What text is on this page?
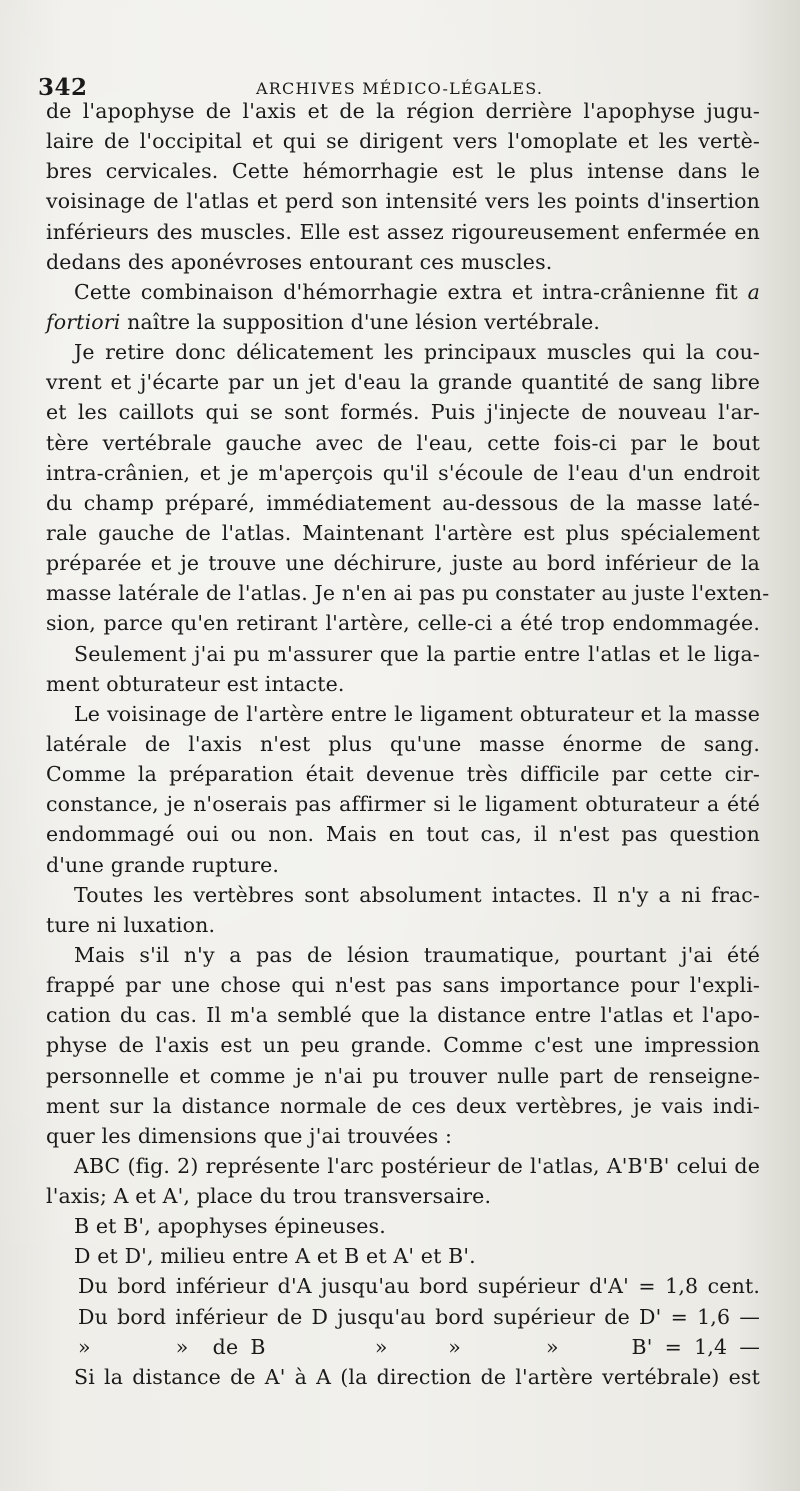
342	ARCHIVES MÉDICO-LÉGALES.
de l'apophyse de l'axis et de la région derrière l'apophyse jugu-
laire de l'occipital et qui se dirigent vers l'omoplate et les vertè-
bres cervicales. Cette hémorrhagie est le plus intense dans le
voisinage de l'atlas et perd son intensité vers les points d'insertion
inférieurs des muscles. Elle est assez rigoureusement enfermée en
dedans des aponévroses entourant ces muscles.
Cette combinaison d'hémorrhagie extra et intra-crânienne fit a
fortiori naître la supposition d'une lésion vertébrale.
Je retire donc délicatement les principaux muscles qui la cou-
vrent et j'écarte par un jet d'eau la grande quantité de sang libre
et les caillots qui se sont formés. Puis j'injecte de nouveau l'ar-
tère vertébrale gauche avec de l'eau, cette fois-ci par le bout
intra-crânien, et je m'aperçois qu'il s'écoule de l'eau d'un endroit
du champ préparé, immédiatement au-dessous de la masse laté-
rale gauche de l'atlas. Maintenant l'artère est plus spécialement
préparée et je trouve une déchirure, juste au bord inférieur de la
masse latérale de l'atlas. Je n'en ai pas pu constater au juste l'exten-
sion, parce qu'en retirant l'artère, celle-ci a été trop endommagée.
Seulement j'ai pu m'assurer que la partie entre l'atlas et le liga-
ment obturateur est intacte.
Le voisinage de l'artère entre le ligament obturateur et la masse
latérale de l'axis n'est plus qu'une masse énorme de sang.
Comme la préparation était devenue très difficile par cette cir-
constance, je n'oserais pas affirmer si le ligament obturateur a été
endommagé oui ou non. Mais en tout cas, il n'est pas question
d'une grande rupture.
Toutes les vertèbres sont absolument intactes. Il n'y a ni frac-
ture ni luxation.
Mais s'il n'y a pas de lésion traumatique, pourtant j'ai été
frappé par une chose qui n'est pas sans importance pour l'expli-
cation du cas. Il m'a semblé que la distance entre l'atlas et l'apo-
physe de l'axis est un peu grande. Comme c'est une impression
personnelle et comme je n'ai pu trouver nulle part de renseigne-
ment sur la distance normale de ces deux vertèbres, je vais indi-
quer les dimensions que j'ai trouvées :
ABC (fig. 2) représente l'arc postérieur de l'atlas, A'B'B' celui de
l'axis; A et A', place du trou transversaire.
B et B', apophyses épineuses.
D et D', milieu entre A et B et A' et B'.
Du bord inférieur d'A jusqu'au bord supérieur d'A' = 1,8 cent.
Du bord inférieur de D jusqu'au bord supérieur de D' = 1,6 —
»       »  de B         »     »       »      B' = 1,4 —
Si la distance de A' à A (la direction de l'artère vertébrale) est
